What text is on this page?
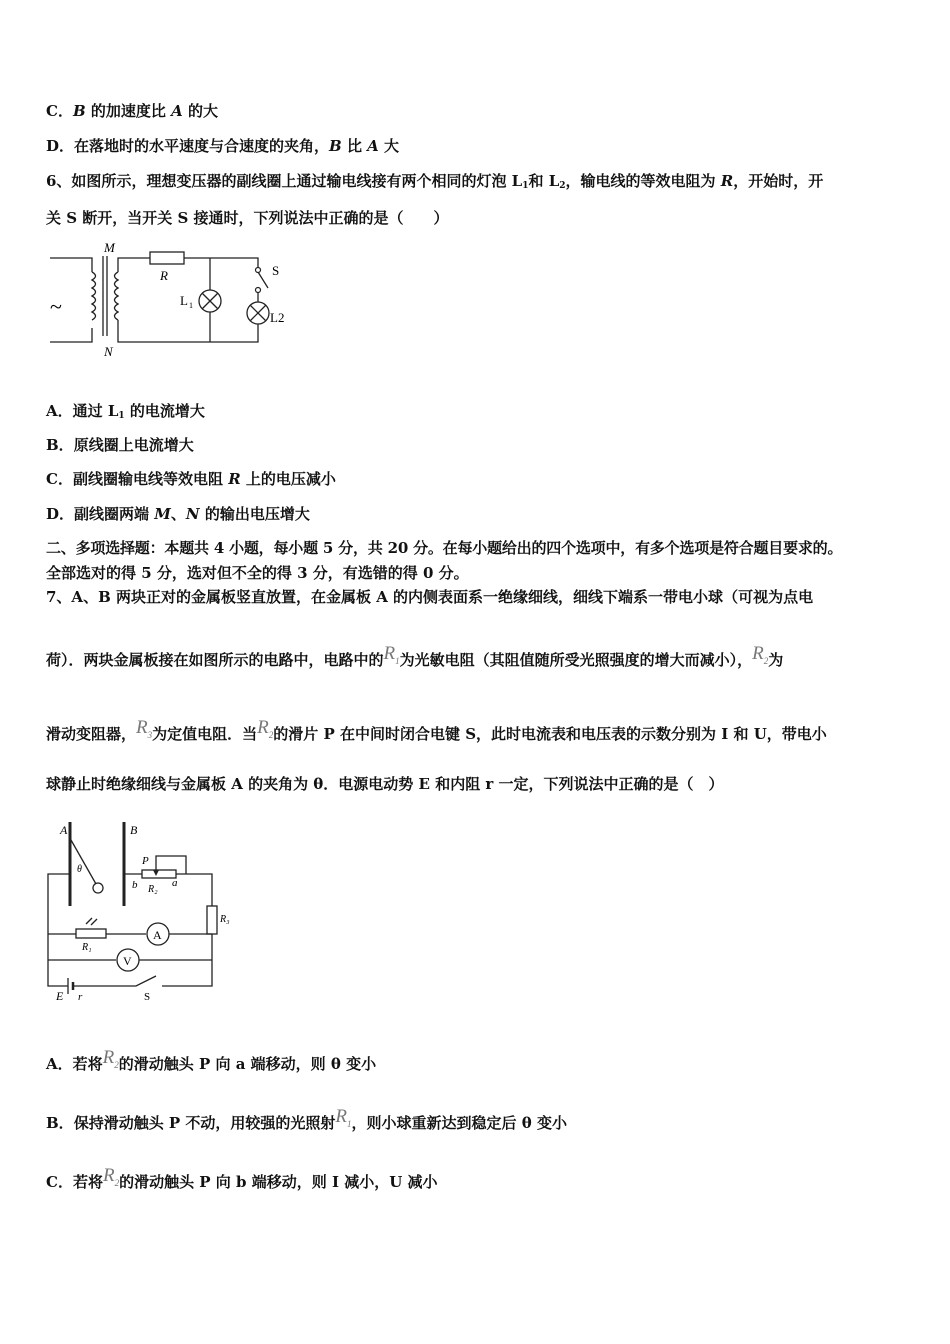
C．B 的加速度比 A 的大
D．在落地时的水平速度与合速度的夹角，B 比 A 大
6、如图所示，理想变压器的副线圈上通过输电线接有两个相同的灯泡 $L_1$和 $L_2$，输电线的等效电阻为 R，开始时，开
关 S 断开，当开关 S 接通时，下列说法中正确的是（　　）
~
M
N
R
L 1
S
L2
A．通过 $L_1$ 的电流增大
B．原线圈上电流增大
C．副线圈输电线等效电阻 R 上的电压减小
D．副线圈两端 M、N 的输出电压增大
二、多项选择题：本题共 4 小题，每小题 5 分，共 20 分。在每小题给出的四个选项中，有多个选项是符合题目要求的。
全部选对的得 5 分，选对但不全的得 3 分，有选错的得 0 分。
7、A、B 两块正对的金属板竖直放置，在金属板 A 的内侧表面系一绝缘细线，细线下端系一带电小球（可视为点电
荷）．两块金属板接在如图所示的电路中，电路中的$R_1$为光敏电阻（其阻值随所受光照强度的增大而减小），$R_2$为
滑动变阻器，$R_3$为定值电阻．当$R_2$的滑片 P 在中间时闭合电键 S，此时电流表和电压表的示数分别为 I 和 U，带电小
球静止时绝缘细线与金属板 A 的夹角为 θ．电源电动势 E 和内阻 r 一定，下列说法中正确的是（　）
A	B
θ
P
b	a
R₂
R₃
R₁
A
V
E r	S
A．若将$R_2$的滑动触头 P 向 a 端移动，则 θ 变小
B．保持滑动触头 P 不动，用较强的光照射$R_1$，则小球重新达到稳定后 θ 变小
C．若将$R_2$的滑动触头 P 向 b 端移动，则 I 减小，U 减小
